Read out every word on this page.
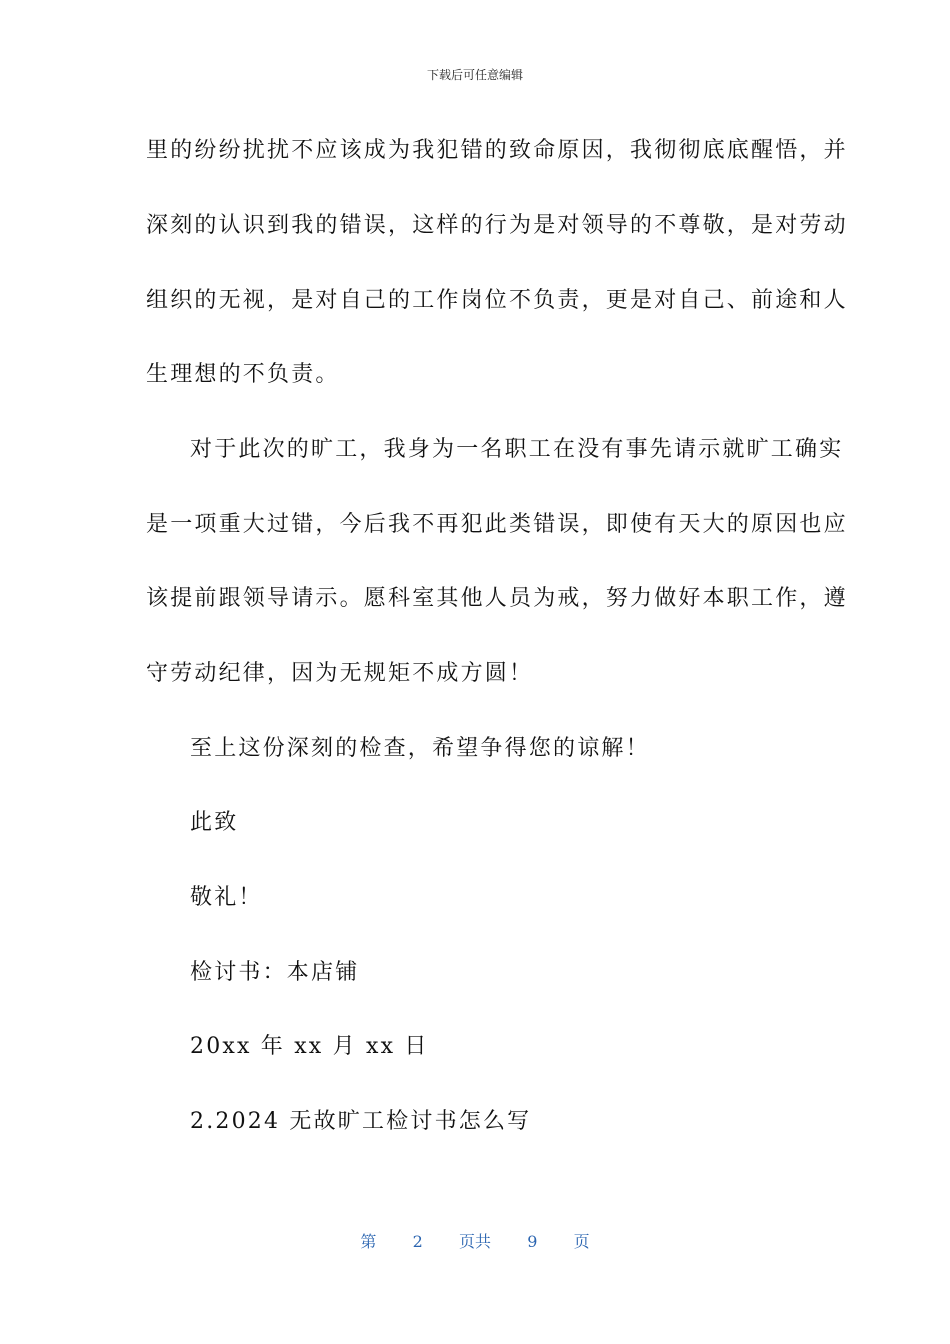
下载后可任意编辑
里的纷纷扰扰不应该成为我犯错的致命原因，我彻彻底底醒悟，并
深刻的认识到我的错误，这样的行为是对领导的不尊敬，是对劳动
组织的无视，是对自己的工作岗位不负责，更是对自己、前途和人
生理想的不负责。
对于此次的旷工，我身为一名职工在没有事先请示就旷工确实
是一项重大过错，今后我不再犯此类错误，即使有天大的原因也应
该提前跟领导请示。愿科室其他人员为戒，努力做好本职工作，遵
守劳动纪律，因为无规矩不成方圆！
至上这份深刻的检查，希望争得您的谅解！
此致
敬礼！
检讨书：本店铺
20xx 年 xx 月 xx 日
2.2024 无故旷工检讨书怎么写
第 2 页共 9 页
